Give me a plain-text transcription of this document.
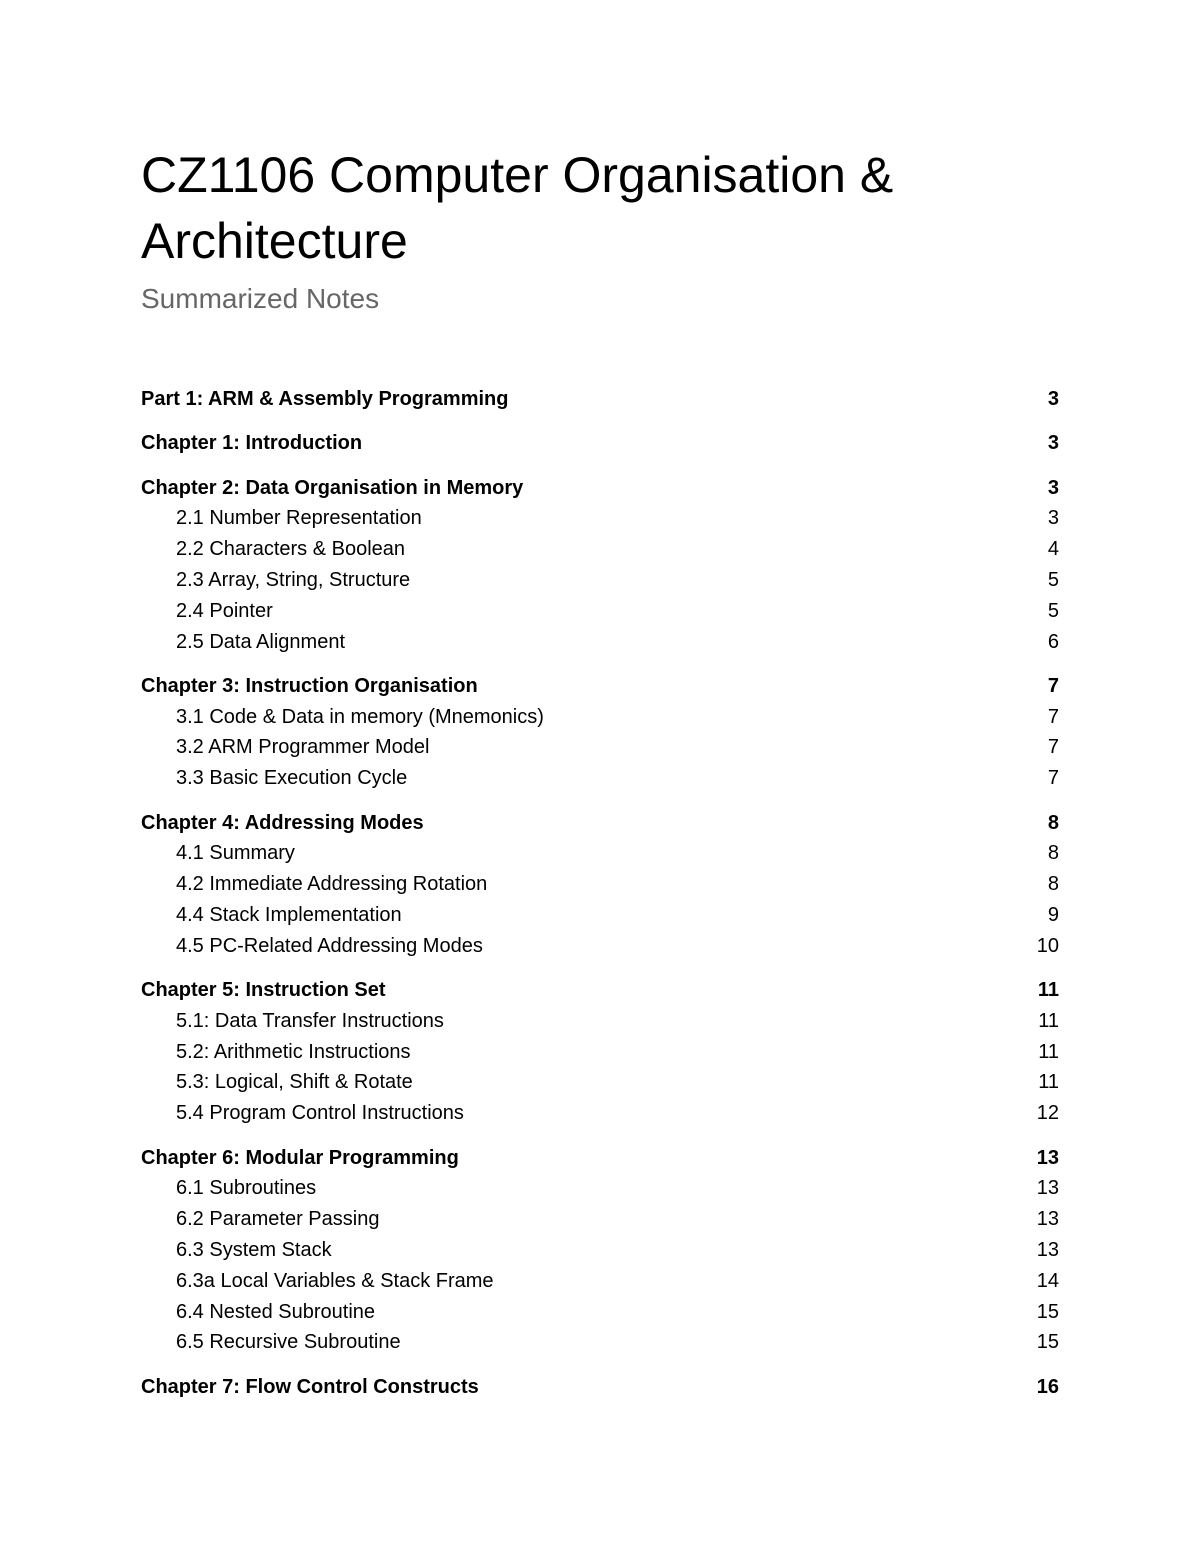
CZ1106 Computer Organisation & Architecture
Summarized Notes
Part 1: ARM & Assembly Programming	3
Chapter 1: Introduction	3
Chapter 2: Data Organisation in Memory	3
2.1 Number Representation	3
2.2 Characters & Boolean	4
2.3 Array, String, Structure	5
2.4 Pointer	5
2.5 Data Alignment	6
Chapter 3: Instruction Organisation	7
3.1 Code & Data in memory (Mnemonics)	7
3.2 ARM Programmer Model	7
3.3 Basic Execution Cycle	7
Chapter 4: Addressing Modes	8
4.1 Summary	8
4.2 Immediate Addressing Rotation	8
4.4 Stack Implementation	9
4.5 PC-Related Addressing Modes	10
Chapter 5: Instruction Set	11
5.1: Data Transfer Instructions	11
5.2: Arithmetic Instructions	11
5.3: Logical, Shift & Rotate	11
5.4 Program Control Instructions	12
Chapter 6: Modular Programming	13
6.1 Subroutines	13
6.2 Parameter Passing	13
6.3 System Stack	13
6.3a Local Variables & Stack Frame	14
6.4 Nested Subroutine	15
6.5 Recursive Subroutine	15
Chapter 7: Flow Control Constructs	16
